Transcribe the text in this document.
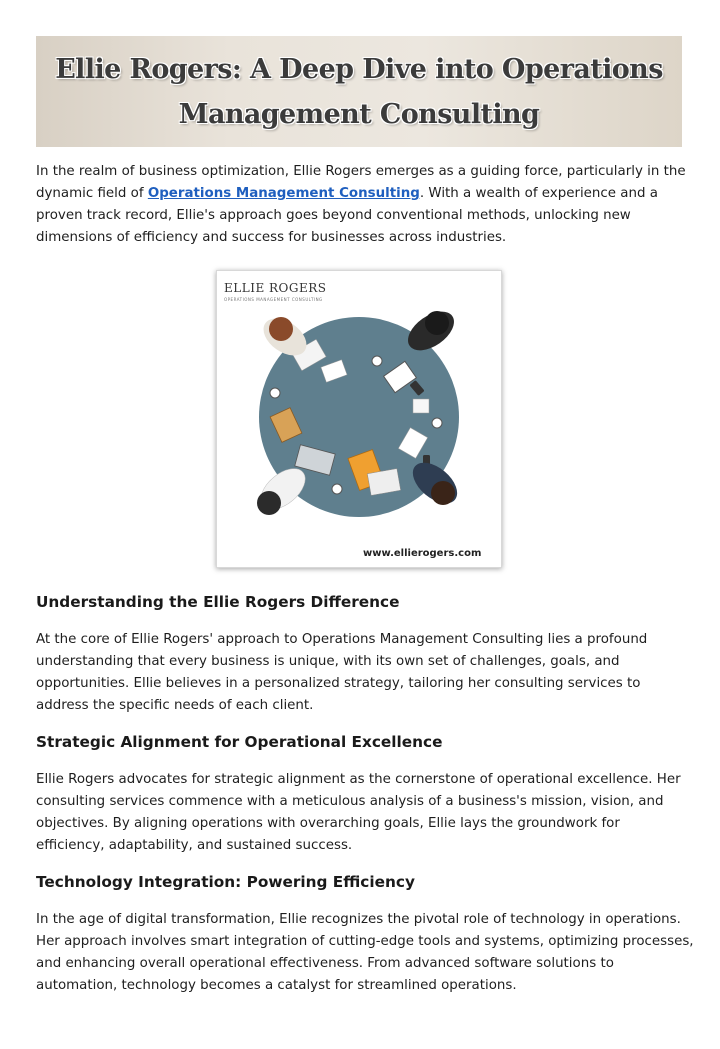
Ellie Rogers: A Deep Dive into Operations Management Consulting

In the realm of business optimization, Ellie Rogers emerges as a guiding force, particularly in the dynamic field of Operations Management Consulting. With a wealth of experience and a proven track record, Ellie's approach goes beyond conventional methods, unlocking new dimensions of efficiency and success for businesses across industries.

ELLIE ROGERS
OPERATIONS MANAGEMENT CONSULTING
www.ellierogers.com
Understanding the Ellie Rogers Difference

At the core of Ellie Rogers' approach to Operations Management Consulting lies a profound understanding that every business is unique, with its own set of challenges, goals, and opportunities. Ellie believes in a personalized strategy, tailoring her consulting services to address the specific needs of each client.

Strategic Alignment for Operational Excellence

Ellie Rogers advocates for strategic alignment as the cornerstone of operational excellence. Her consulting services commence with a meticulous analysis of a business's mission, vision, and objectives. By aligning operations with overarching goals, Ellie lays the groundwork for efficiency, adaptability, and sustained success.

Technology Integration: Powering Efficiency

In the age of digital transformation, Ellie recognizes the pivotal role of technology in operations. Her approach involves smart integration of cutting-edge tools and systems, optimizing processes, and enhancing overall operational effectiveness. From advanced software solutions to automation, technology becomes a catalyst for streamlined operations.
